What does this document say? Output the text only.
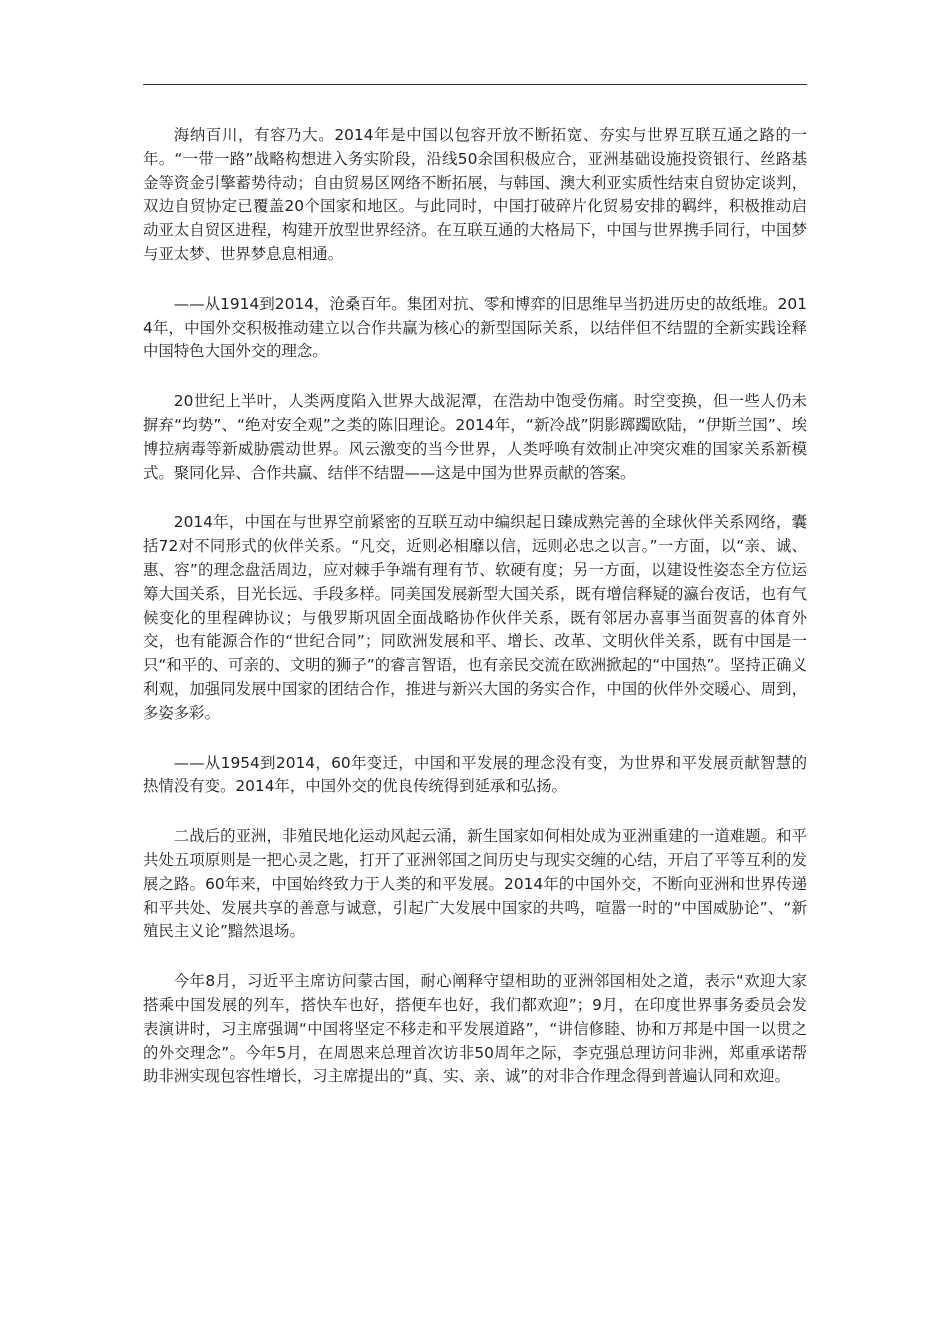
海纳百川，有容乃大。2014年是中国以包容开放不断拓宽、夯实与世界互联互通之路的一年。“一带一路”战略构想进入务实阶段，沿线50余国积极应合，亚洲基础设施投资银行、丝路基金等资金引擎蓄势待动；自由贸易区网络不断拓展，与韩国、澳大利亚实质性结束自贸协定谈判，双边自贸协定已覆盖20个国家和地区。与此同时，中国打破碎片化贸易安排的羁绊，积极推动启动亚太自贸区进程，构建开放型世界经济。在互联互通的大格局下，中国与世界携手同行，中国梦与亚太梦、世界梦息息相通。

——从1914到2014，沧桑百年。集团对抗、零和博弈的旧思维早当扔进历史的故纸堆。2014年，中国外交积极推动建立以合作共赢为核心的新型国际关系，以结伴但不结盟的全新实践诠释中国特色大国外交的理念。

20世纪上半叶，人类两度陷入世界大战泥潭，在浩劫中饱受伤痛。时空变换，但一些人仍未摒弃“均势”、“绝对安全观”之类的陈旧理论。2014年，“新冷战”阴影踯躅欧陆，“伊斯兰国”、埃博拉病毒等新威胁震动世界。风云激变的当今世界，人类呼唤有效制止冲突灾难的国家关系新模式。聚同化异、合作共赢、结伴不结盟——这是中国为世界贡献的答案。

2014年，中国在与世界空前紧密的互联互动中编织起日臻成熟完善的全球伙伴关系网络，囊括72对不同形式的伙伴关系。“凡交，近则必相靡以信，远则必忠之以言。”一方面，以“亲、诚、惠、容”的理念盘活周边，应对棘手争端有理有节、软硬有度；另一方面，以建设性姿态全方位运筹大国关系，目光长远、手段多样。同美国发展新型大国关系，既有增信释疑的瀛台夜话，也有气候变化的里程碑协议；与俄罗斯巩固全面战略协作伙伴关系，既有邻居办喜事当面贺喜的体育外交，也有能源合作的“世纪合同”；同欧洲发展和平、增长、改革、文明伙伴关系，既有中国是一只“和平的、可亲的、文明的狮子”的睿言智语，也有亲民交流在欧洲掀起的“中国热”。坚持正确义利观，加强同发展中国家的团结合作，推进与新兴大国的务实合作，中国的伙伴外交暖心、周到，多姿多彩。

——从1954到2014，60年变迁，中国和平发展的理念没有变，为世界和平发展贡献智慧的热情没有变。2014年，中国外交的优良传统得到延承和弘扬。

二战后的亚洲，非殖民地化运动风起云涌，新生国家如何相处成为亚洲重建的一道难题。和平共处五项原则是一把心灵之匙，打开了亚洲邻国之间历史与现实交缠的心结，开启了平等互利的发展之路。60年来，中国始终致力于人类的和平发展。2014年的中国外交，不断向亚洲和世界传递和平共处、发展共享的善意与诚意，引起广大发展中国家的共鸣，喧嚣一时的“中国威胁论”、“新殖民主义论”黯然退场。

今年8月，习近平主席访问蒙古国，耐心阐释守望相助的亚洲邻国相处之道，表示“欢迎大家搭乘中国发展的列车，搭快车也好，搭便车也好，我们都欢迎”；9月，在印度世界事务委员会发表演讲时，习主席强调“中国将坚定不移走和平发展道路”，“讲信修睦、协和万邦是中国一以贯之的外交理念”。今年5月，在周恩来总理首次访非50周年之际，李克强总理访问非洲，郑重承诺帮助非洲实现包容性增长，习主席提出的“真、实、亲、诚”的对非合作理念得到普遍认同和欢迎。
